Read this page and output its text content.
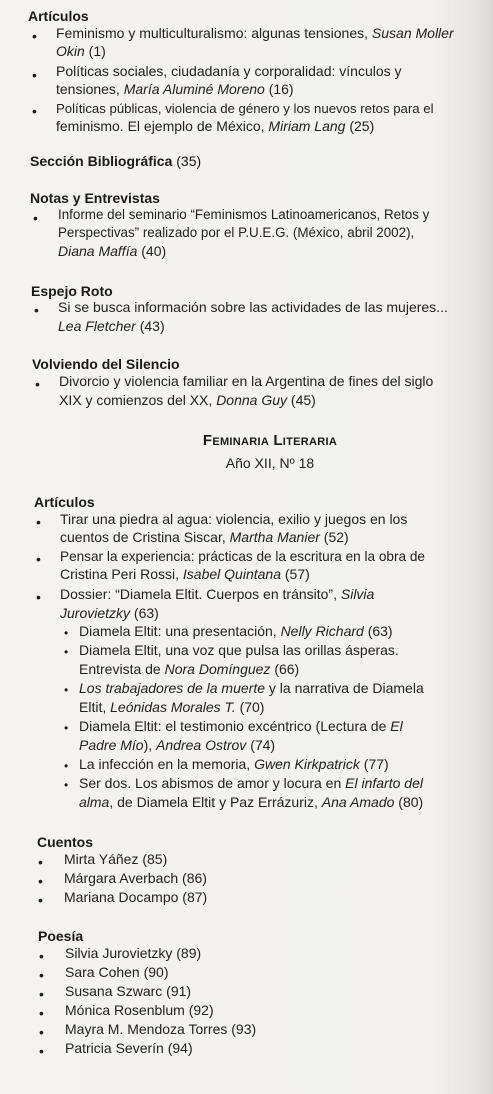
Artículos
• Feminismo y multiculturalismo: algunas tensiones, Susan Moller
Okin (1)
• Políticas sociales, ciudadanía y corporalidad: vínculos y
tensiones, María Aluminé Moreno (16)
• Políticas públicas, violencia de género y los nuevos retos para el
feminismo. El ejemplo de México, Miriam Lang (25)
Sección Bibliográfica (35)
Notas y Entrevistas
• Informe del seminario “Feminismos Latinoamericanos, Retos y
Perspectivas” realizado por el P.U.E.G. (México, abril 2002),
Diana Maffía (40)
Espejo Roto
• Si se busca información sobre las actividades de las mujeres...
Lea Fletcher (43)
Volviendo del Silencio
• Divorcio y violencia familiar en la Argentina de fines del siglo
XIX y comienzos del XX, Donna Guy (45)
FEMINARIA LITERARIA
Año XII, Nº 18
Artículos
• Tirar una piedra al agua: violencia, exilio y juegos en los
cuentos de Cristina Siscar, Martha Manier (52)
• Pensar la experiencia: prácticas de la escritura en la obra de
Cristina Peri Rossi, Isabel Quintana (57)
• Dossier: “Diamela Eltit. Cuerpos en tránsito”, Silvia
Jurovietzky (63)
• Diamela Eltit: una presentación, Nelly Richard (63)
• Diamela Eltit, una voz que pulsa las orillas ásperas.
Entrevista de Nora Domínguez (66)
• Los trabajadores de la muerte y la narrativa de Diamela
Eltit, Leónidas Morales T. (70)
• Diamela Eltit: el testimonio excéntrico (Lectura de El
Padre Mío), Andrea Ostrov (74)
• La infección en la memoria, Gwen Kirkpatrick (77)
• Ser dos. Los abismos de amor y locura en El infarto del
alma, de Diamela Eltit y Paz Errázuriz, Ana Amado (80)
Cuentos
• Mirta Yáñez (85)
• Márgara Averbach (86)
• Mariana Docampo (87)
Poesía
• Silvia Jurovietzky (89)
• Sara Cohen (90)
• Susana Szwarc (91)
• Mónica Rosenblum (92)
• Mayra M. Mendoza Torres (93)
• Patricia Severín (94)
